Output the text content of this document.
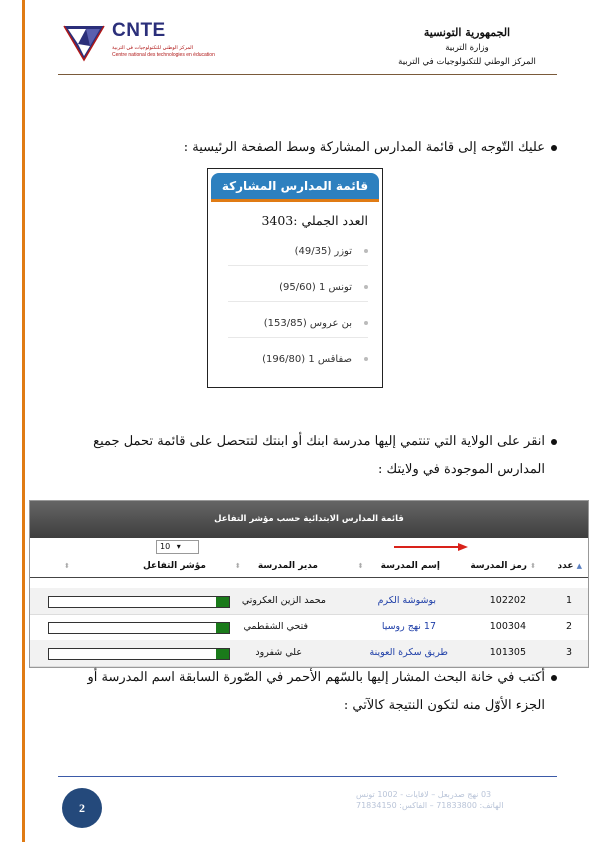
الجمهورية التونسية
وزارة التربية
المركز الوطني للتكنولوجيات في التربية
CNTE
المركز الوطني للتكنولوجيات في التربية
Centre national des technologies en éducation
عليك التّوجه إلى قائمة المدارس المشاركة وسط الصفحة الرئيسية :
قائمة المدارس المشاركة
العدد الجملي :3403
توزر (49/35)
تونس 1 (95/60)
بن عروس (153/85)
صفاقس 1 (196/80)
انقر على الولاية التي تنتمي إليها مدرسة ابنك أو ابنتك لتتحصل على قائمة تحمل جميع
المدارس الموجودة في ولايتك :
قائمة المدارس الابتدائية حسب مؤشر التفاعل
10 ▾
▲ عدد
⬍ رمز المدرسة
إسم المدرسة ⬍
مدير المدرسة ⬍
مؤشر التفاعل ⬍
1
102202
بوشوشة الكرم
محمد الزين العكروتي
2
100304
17 نهج روسيا
فتحي الشقطمي
3
101305
طريق سكرة العوينة
علي شفرود
أكتب في خانة البحث المشار إليها بالسّهم الأحمر في الصّورة السابقة اسم المدرسة أو
الجزء الأوّل منه لتكون النتيجة كالآتي :
2
03 نهج صدربعل – لافايات - 1002 تونس
الهاتف: 71833800 – الفاكس: 71834150
